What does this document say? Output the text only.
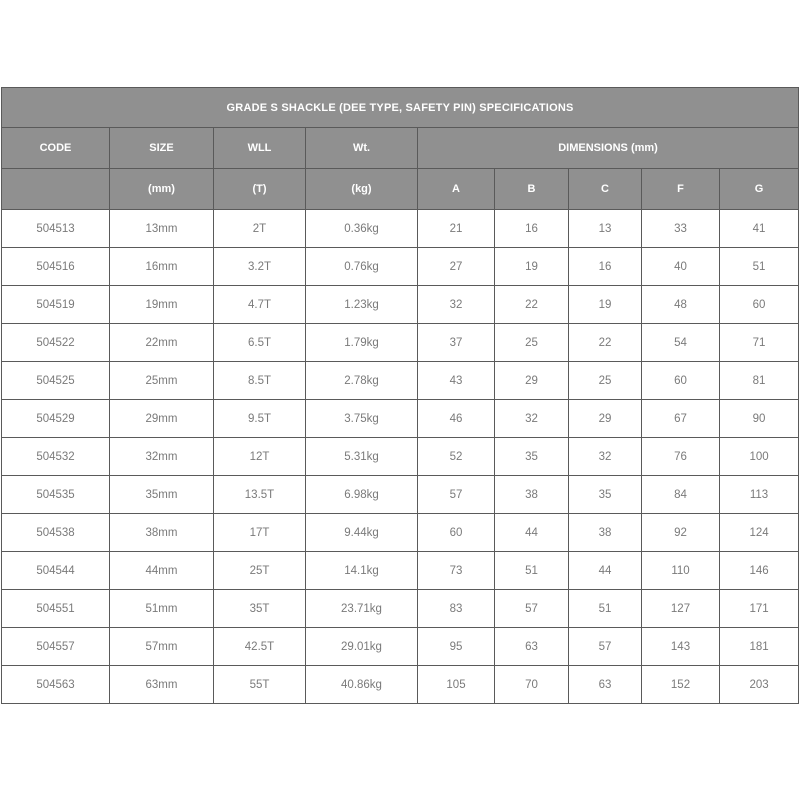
GRADE S SHACKLE (DEE TYPE, SAFETY PIN) SPECIFICATIONS								
CODE	SIZE	WLL	Wt.	DIMENSIONS (mm)				
	(mm)	(T)	(kg)	A	B	C	F	G
504513	13mm	2T	0.36kg	21	16	13	33	41
504516	16mm	3.2T	0.76kg	27	19	16	40	51
504519	19mm	4.7T	1.23kg	32	22	19	48	60
504522	22mm	6.5T	1.79kg	37	25	22	54	71
504525	25mm	8.5T	2.78kg	43	29	25	60	81
504529	29mm	9.5T	3.75kg	46	32	29	67	90
504532	32mm	12T	5.31kg	52	35	32	76	100
504535	35mm	13.5T	6.98kg	57	38	35	84	113
504538	38mm	17T	9.44kg	60	44	38	92	124
504544	44mm	25T	14.1kg	73	51	44	110	146
504551	51mm	35T	23.71kg	83	57	51	127	171
504557	57mm	42.5T	29.01kg	95	63	57	143	181
504563	63mm	55T	40.86kg	105	70	63	152	203
